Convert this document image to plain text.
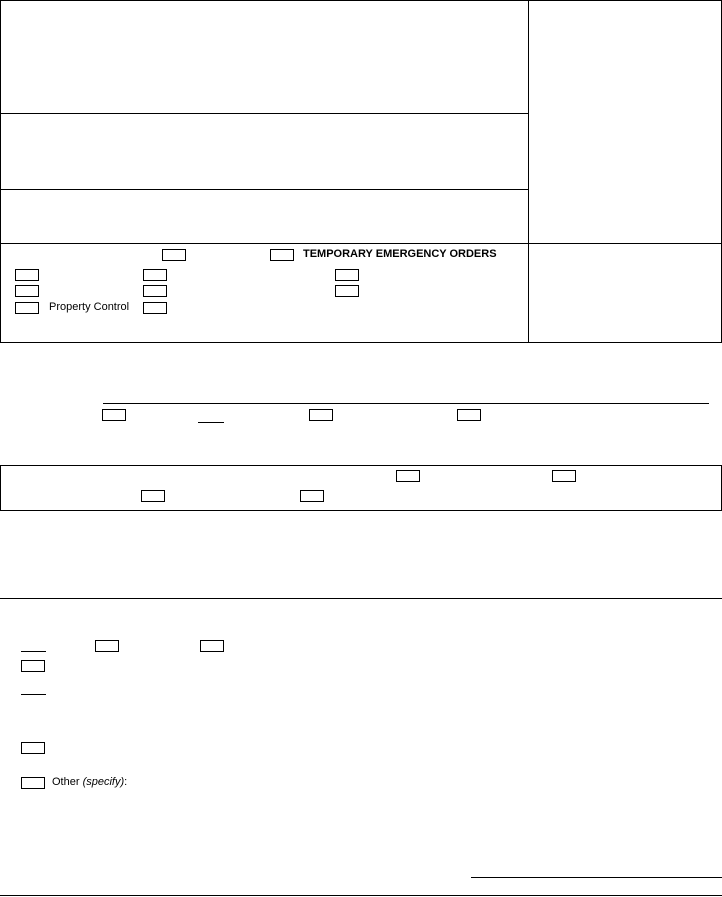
TEMPORARY EMERGENCY ORDERS
Property Control
Other (specify):
